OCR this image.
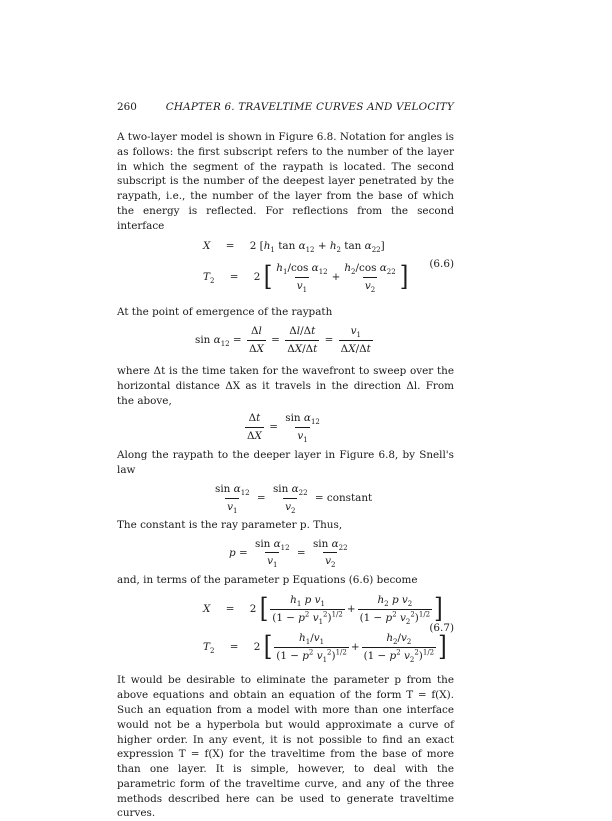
260	CHAPTER 6. TRAVELTIME CURVES AND VELOCITY

A two-layer model is shown in Figure 6.8. Notation for angles is as follows: the first subscript refers to the number of the layer in which the segment of the raypath is located. The second subscript is the number of the deepest layer penetrated by the raypath, i.e., the number of the layer from the base of which the energy is reflected. For reflections from the second interface

X = 2 [$h_1$ $\tan \alpha_{12} + h_2$ $\tan \alpha_{22}$]
$T_2 = 2$ [ $\frac{h_1/\cos \alpha_{12}}{v_1} + \frac{h_2/\cos \alpha_{22}}{v_2}$ ] (6.6)

At the point of emergence of the raypath

$\sin \alpha_{12} = \frac{\Delta l}{\Delta X} = \frac{\Delta l/\Delta t}{\Delta X/\Delta t} = \frac{v_1}{\Delta X/\Delta t}$

where Δt is the time taken for the wavefront to sweep over the horizontal distance ΔX as it travels in the direction Δl. From the above,

$\frac{\Delta t}{\Delta X} = \frac{\sin \alpha_{12}}{v_1}$

Along the raypath to the deeper layer in Figure 6.8, by Snell's law

$\frac{\sin \alpha_{12}}{v_1} = \frac{\sin \alpha_{22}}{v_2}$ = constant

The constant is the ray parameter p. Thus,

$p = \frac{\sin \alpha_{12}}{v_1} = \frac{\sin \alpha_{22}}{v_2}$

and, in terms of the parameter p Equations (6.6) become

X = 2 [ $\frac{h_1 p v_1}{(1 - p^2 v_1^2)^{1/2}} + \frac{h_2 p v_2}{(1 - p^2 v_2^2)^{1/2}}$ ]
$T_2 = 2$ [ $\frac{h_1/v_1}{(1 - p^2 v_1^2)^{1/2}} + \frac{h_2/v_2}{(1 - p^2 v_2^2)^{1/2}}$ ]
(6.7)

It would be desirable to eliminate the parameter p from the above equations and obtain an equation of the form T = f(X). Such an equation from a model with more than one interface would not be a hyperbola but would approximate a curve of higher order. In any event, it is not possible to find an exact expression T = f(X) for the traveltime from the base of more than one layer. It is simple, however, to deal with the parametric form of the traveltime curve, and any of the three methods described here can be used to generate traveltime curves.
